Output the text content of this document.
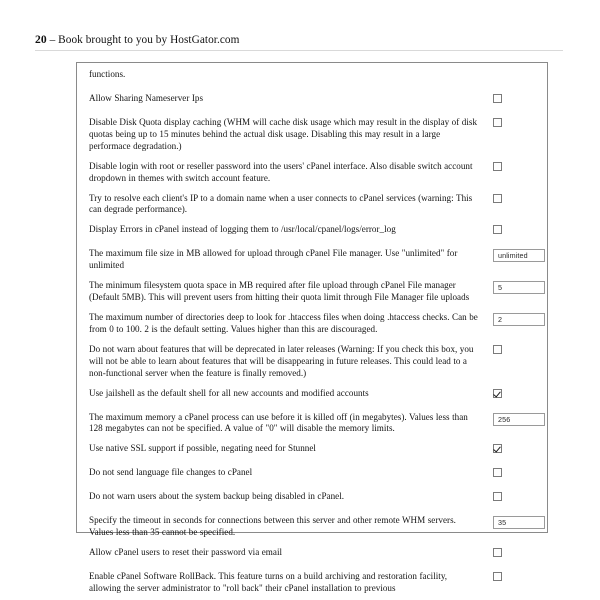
20 – Book brought to you by HostGator.com
functions.
Allow Sharing Nameserver Ips
Disable Disk Quota display caching (WHM will cache disk usage which may result in the display of disk quotas being up to 15 minutes behind the actual disk usage. Disabling this may result in a large performace degradation.)
Disable login with root or reseller password into the users' cPanel interface. Also disable switch account dropdown in themes with switch account feature.
Try to resolve each client's IP to a domain name when a user connects to cPanel services (warning: This can degrade performance).
Display Errors in cPanel instead of logging them to /usr/local/cpanel/logs/error_log
The maximum file size in MB allowed for upload through cPanel File manager. Use "unlimited" for unlimited
unlimited
The minimum filesystem quota space in MB required after file upload through cPanel File manager (Default 5MB). This will prevent users from hitting their quota limit through File Manager file uploads
5
The maximum number of directories deep to look for .htaccess files when doing .htaccess checks. Can be from 0 to 100. 2 is the default setting. Values higher than this are discouraged.
2
Do not warn about features that will be deprecated in later releases (Warning: If you check this box, you will not be able to learn about features that will be disappearing in future releases. This could lead to a non-functional server when the feature is finally removed.)
Use jailshell as the default shell for all new accounts and modified accounts
The maximum memory a cPanel process can use before it is killed off (in megabytes). Values less than 128 megabytes can not be specified. A value of "0" will disable the memory limits.
256
Use native SSL support if possible, negating need for Stunnel
Do not send language file changes to cPanel
Do not warn users about the system backup being disabled in cPanel.
Specify the timeout in seconds for connections between this server and other remote WHM servers. Values less than 35 cannot be specified.
35
Allow cPanel users to reset their password via email
Enable cPanel Software RollBack. This feature turns on a build archiving and restoration facility, allowing the server administrator to "roll back" their cPanel installation to previous
